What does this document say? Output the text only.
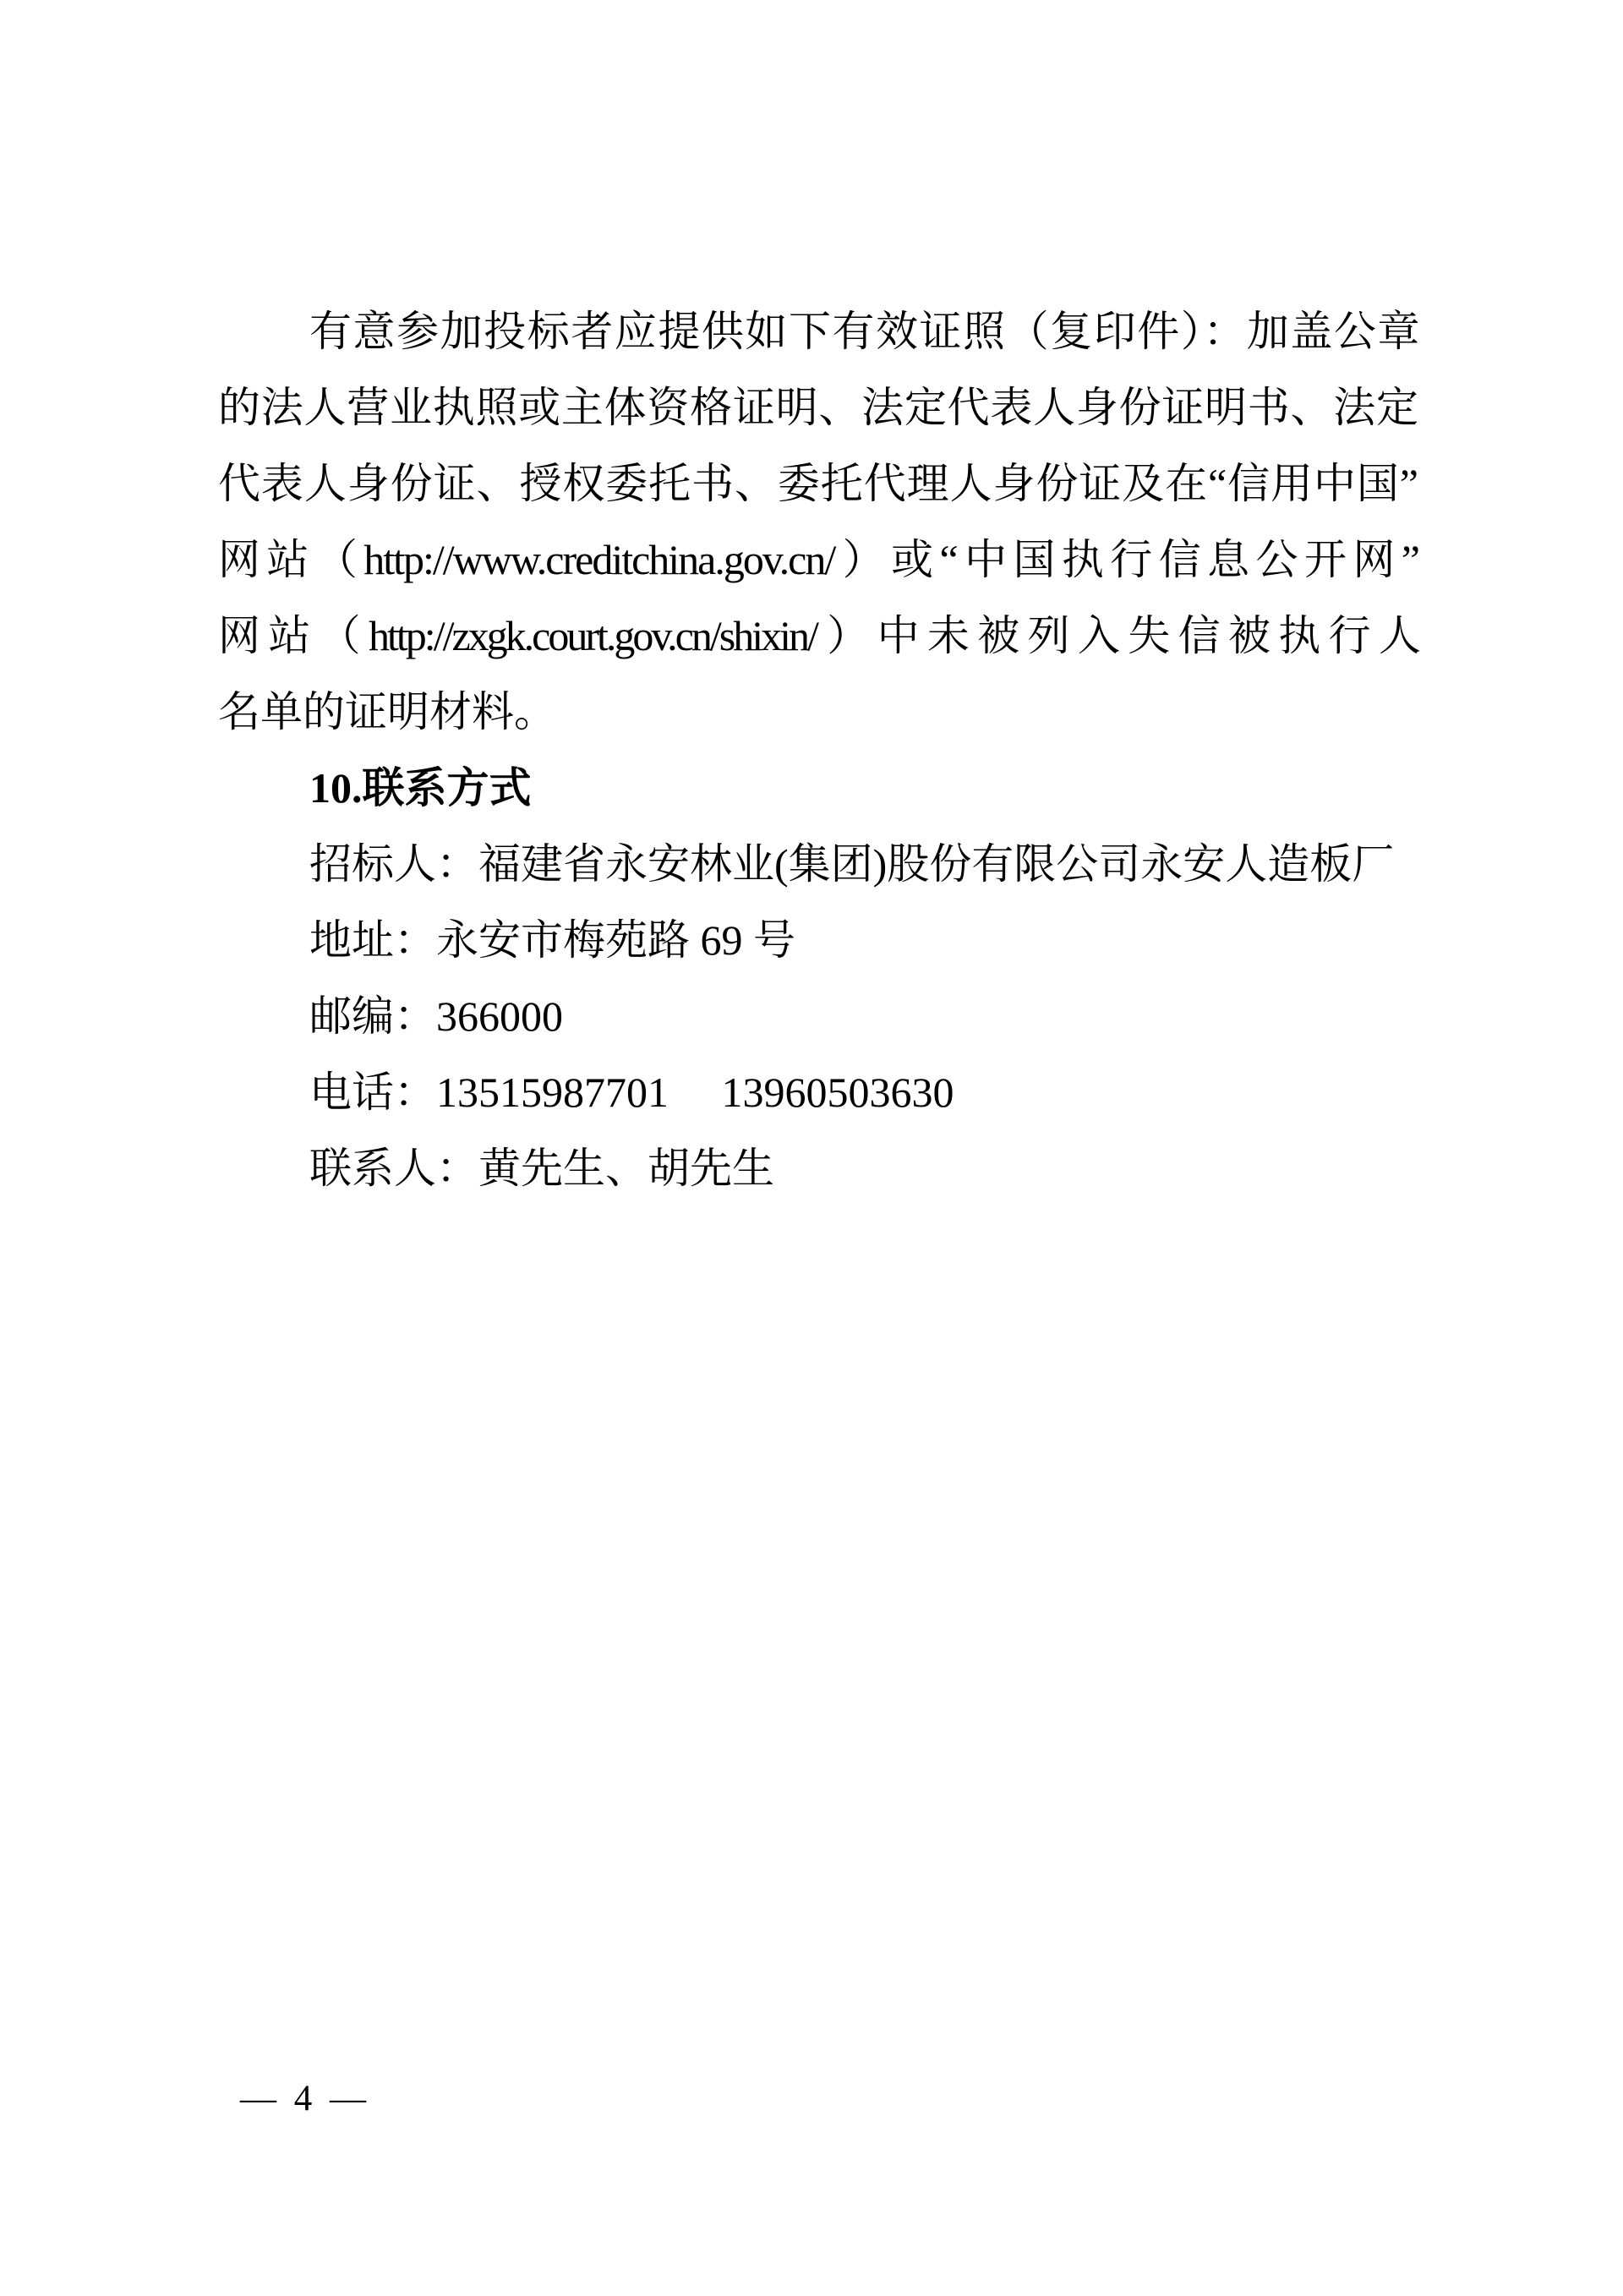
有意参加投标者应提供如下有效证照（复印件）：加盖公章
的法人营业执照或主体资格证明、法定代表人身份证明书、法定
代表人身份证、授权委托书、委托代理人身份证及在“信用中国”
网站（http://www.creditchina.gov.cn/）或“中国执行信息公开网”
网站（http://zxgk.court.gov.cn/shixin/）中未被列入失信被执行人
名单的证明材料。
10.联系方式
招标人：福建省永安林业(集团)股份有限公司永安人造板厂
地址：永安市梅苑路 69 号
邮编：366000
电话：13515987701     13960503630
联系人：黄先生、胡先生
— 4 —
